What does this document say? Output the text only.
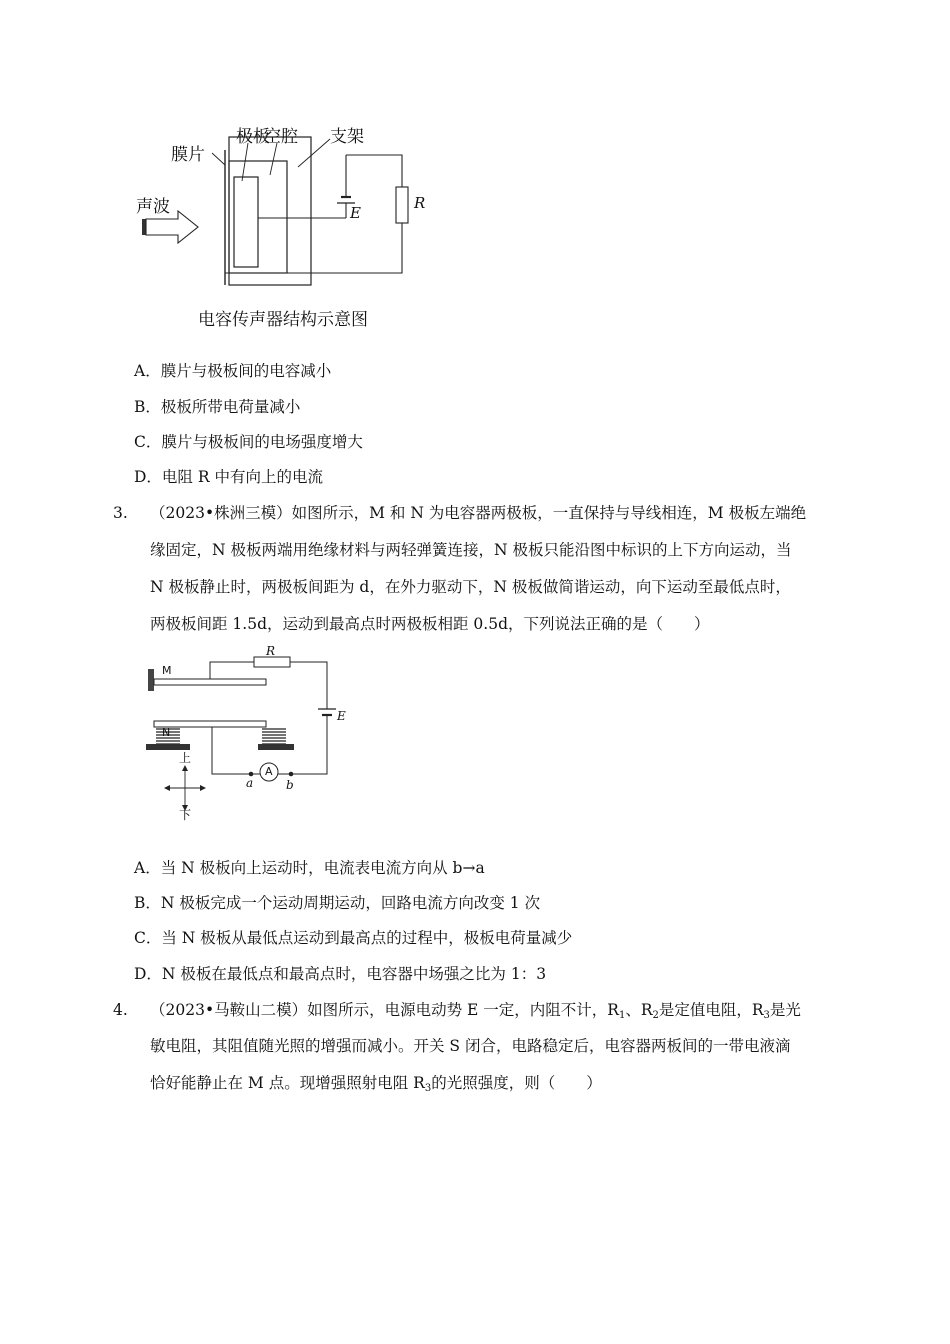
膜片
极板
空腔 支架
声波	E
R
电容传声器结构示意图
A．膜片与极板间的电容减小
B．极板所带电荷量减小
C．膜片与极板间的电场强度增大
D．电阻 R 中有向上的电流
3. （2023•株洲三模）如图所示，M 和 N 为电容器两极板，一直保持与导线相连，M 极板左端绝
缘固定，N 极板两端用绝缘材料与两轻弹簧连接，N 极板只能沿图中标识的上下方向运动，当
N 极板静止时，两极板间距为 d，在外力驱动下，N 极板做简谐运动，向下运动至最低点时，
两极板间距 1.5d，运动到最高点时两极板相距 0.5d，下列说法正确的是（　　）
M
N
R
E
A
a	b
上
下
A．当 N 极板向上运动时，电流表电流方向从 b→a
B．N 极板完成一个运动周期运动，回路电流方向改变 1 次
C．当 N 极板从最低点运动到最高点的过程中，极板电荷量减少
D．N 极板在最低点和最高点时，电容器中场强之比为 1：3
4. （2023•马鞍山二模）如图所示，电源电动势 E 一定，内阻不计，$R_1$、$R_2$是定值电阻，$R_3$是光
敏电阻，其阻值随光照的增强而减小。开关 S 闭合，电路稳定后，电容器两板间的一带电液滴
恰好能静止在 M 点。现增强照射电阻 $R_3$的光照强度，则（　　）
